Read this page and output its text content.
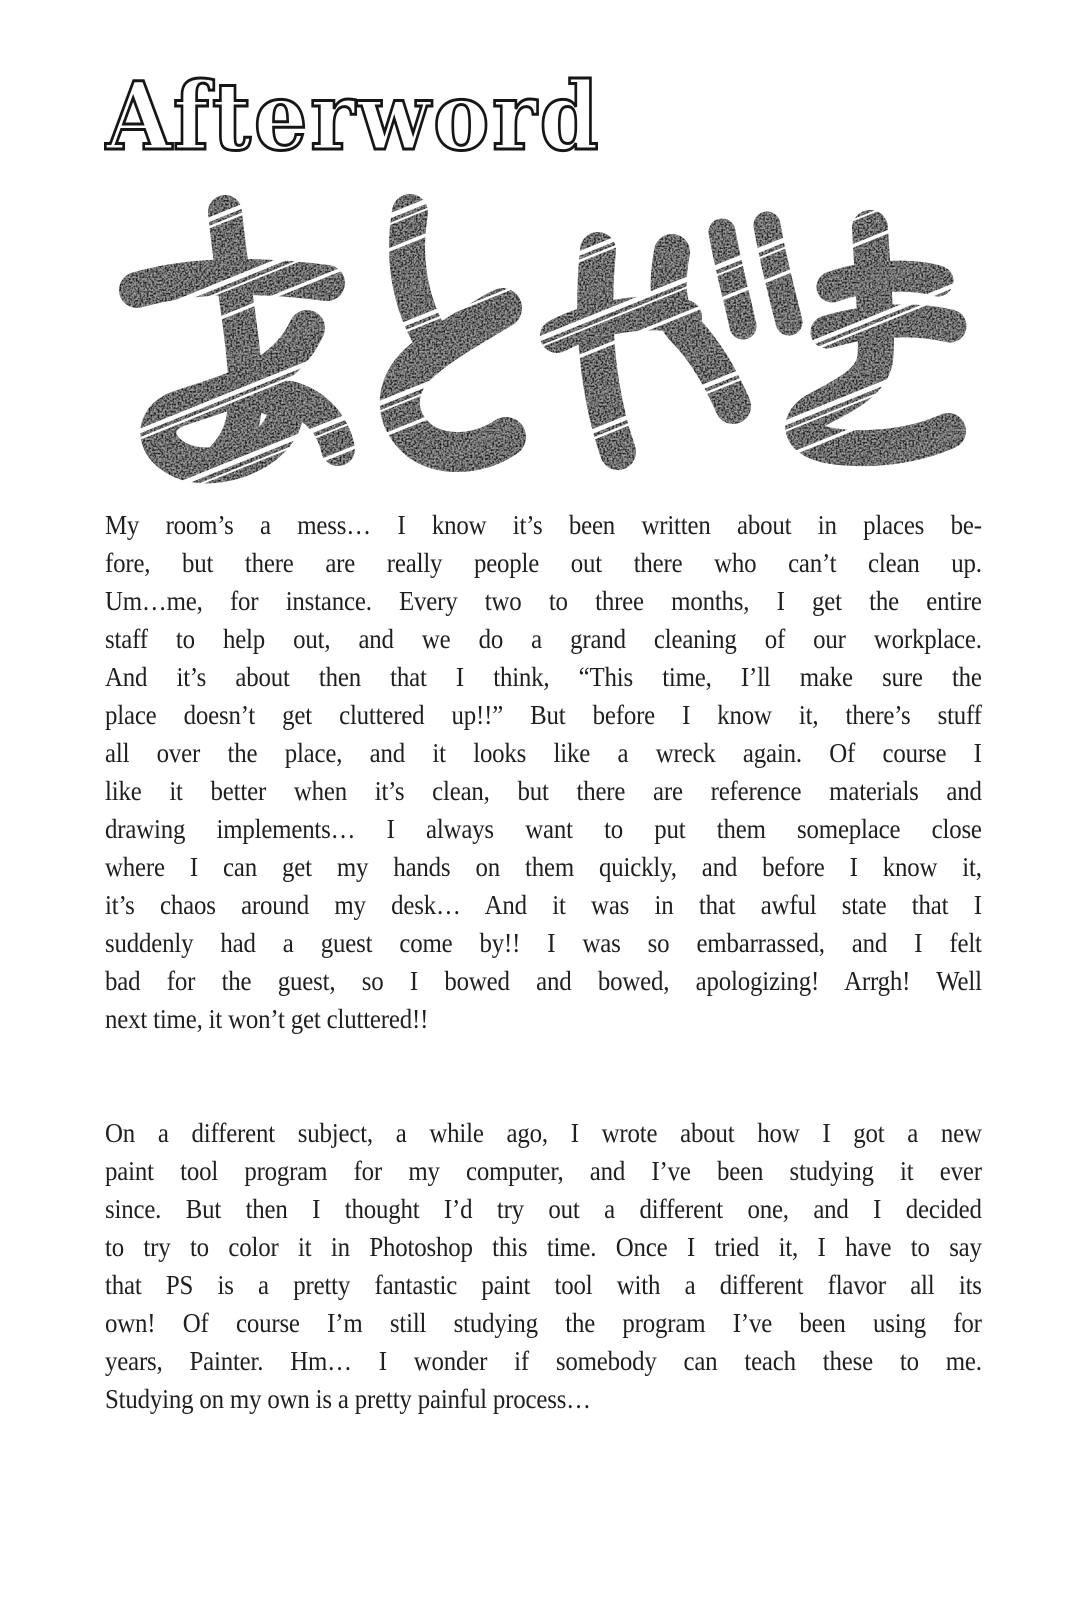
Afterword
My room’s a mess… I know it’s been written about in places be-
fore, but there are really people out there who can’t clean up.
Um…me, for instance. Every two to three months, I get the entire
staff to help out, and we do a grand cleaning of our workplace.
And it’s about then that I think, “This time, I’ll make sure the
place doesn’t get cluttered up!!” But before I know it, there’s stuff
all over the place, and it looks like a wreck again. Of course I
like it better when it’s clean, but there are reference materials and
drawing implements… I always want to put them someplace close
where I can get my hands on them quickly, and before I know it,
it’s chaos around my desk… And it was in that awful state that I
suddenly had a guest come by!! I was so embarrassed, and I felt
bad for the guest, so I bowed and bowed, apologizing! Arrgh! Well
next time, it won’t get cluttered!!
On a different subject, a while ago, I wrote about how I got a new
paint tool program for my computer, and I’ve been studying it ever
since. But then I thought I’d try out a different one, and I decided
to try to color it in Photoshop this time. Once I tried it, I have to say
that PS is a pretty fantastic paint tool with a different flavor all its
own! Of course I’m still studying the program I’ve been using for
years, Painter. Hm… I wonder if somebody can teach these to me.
Studying on my own is a pretty painful process…
